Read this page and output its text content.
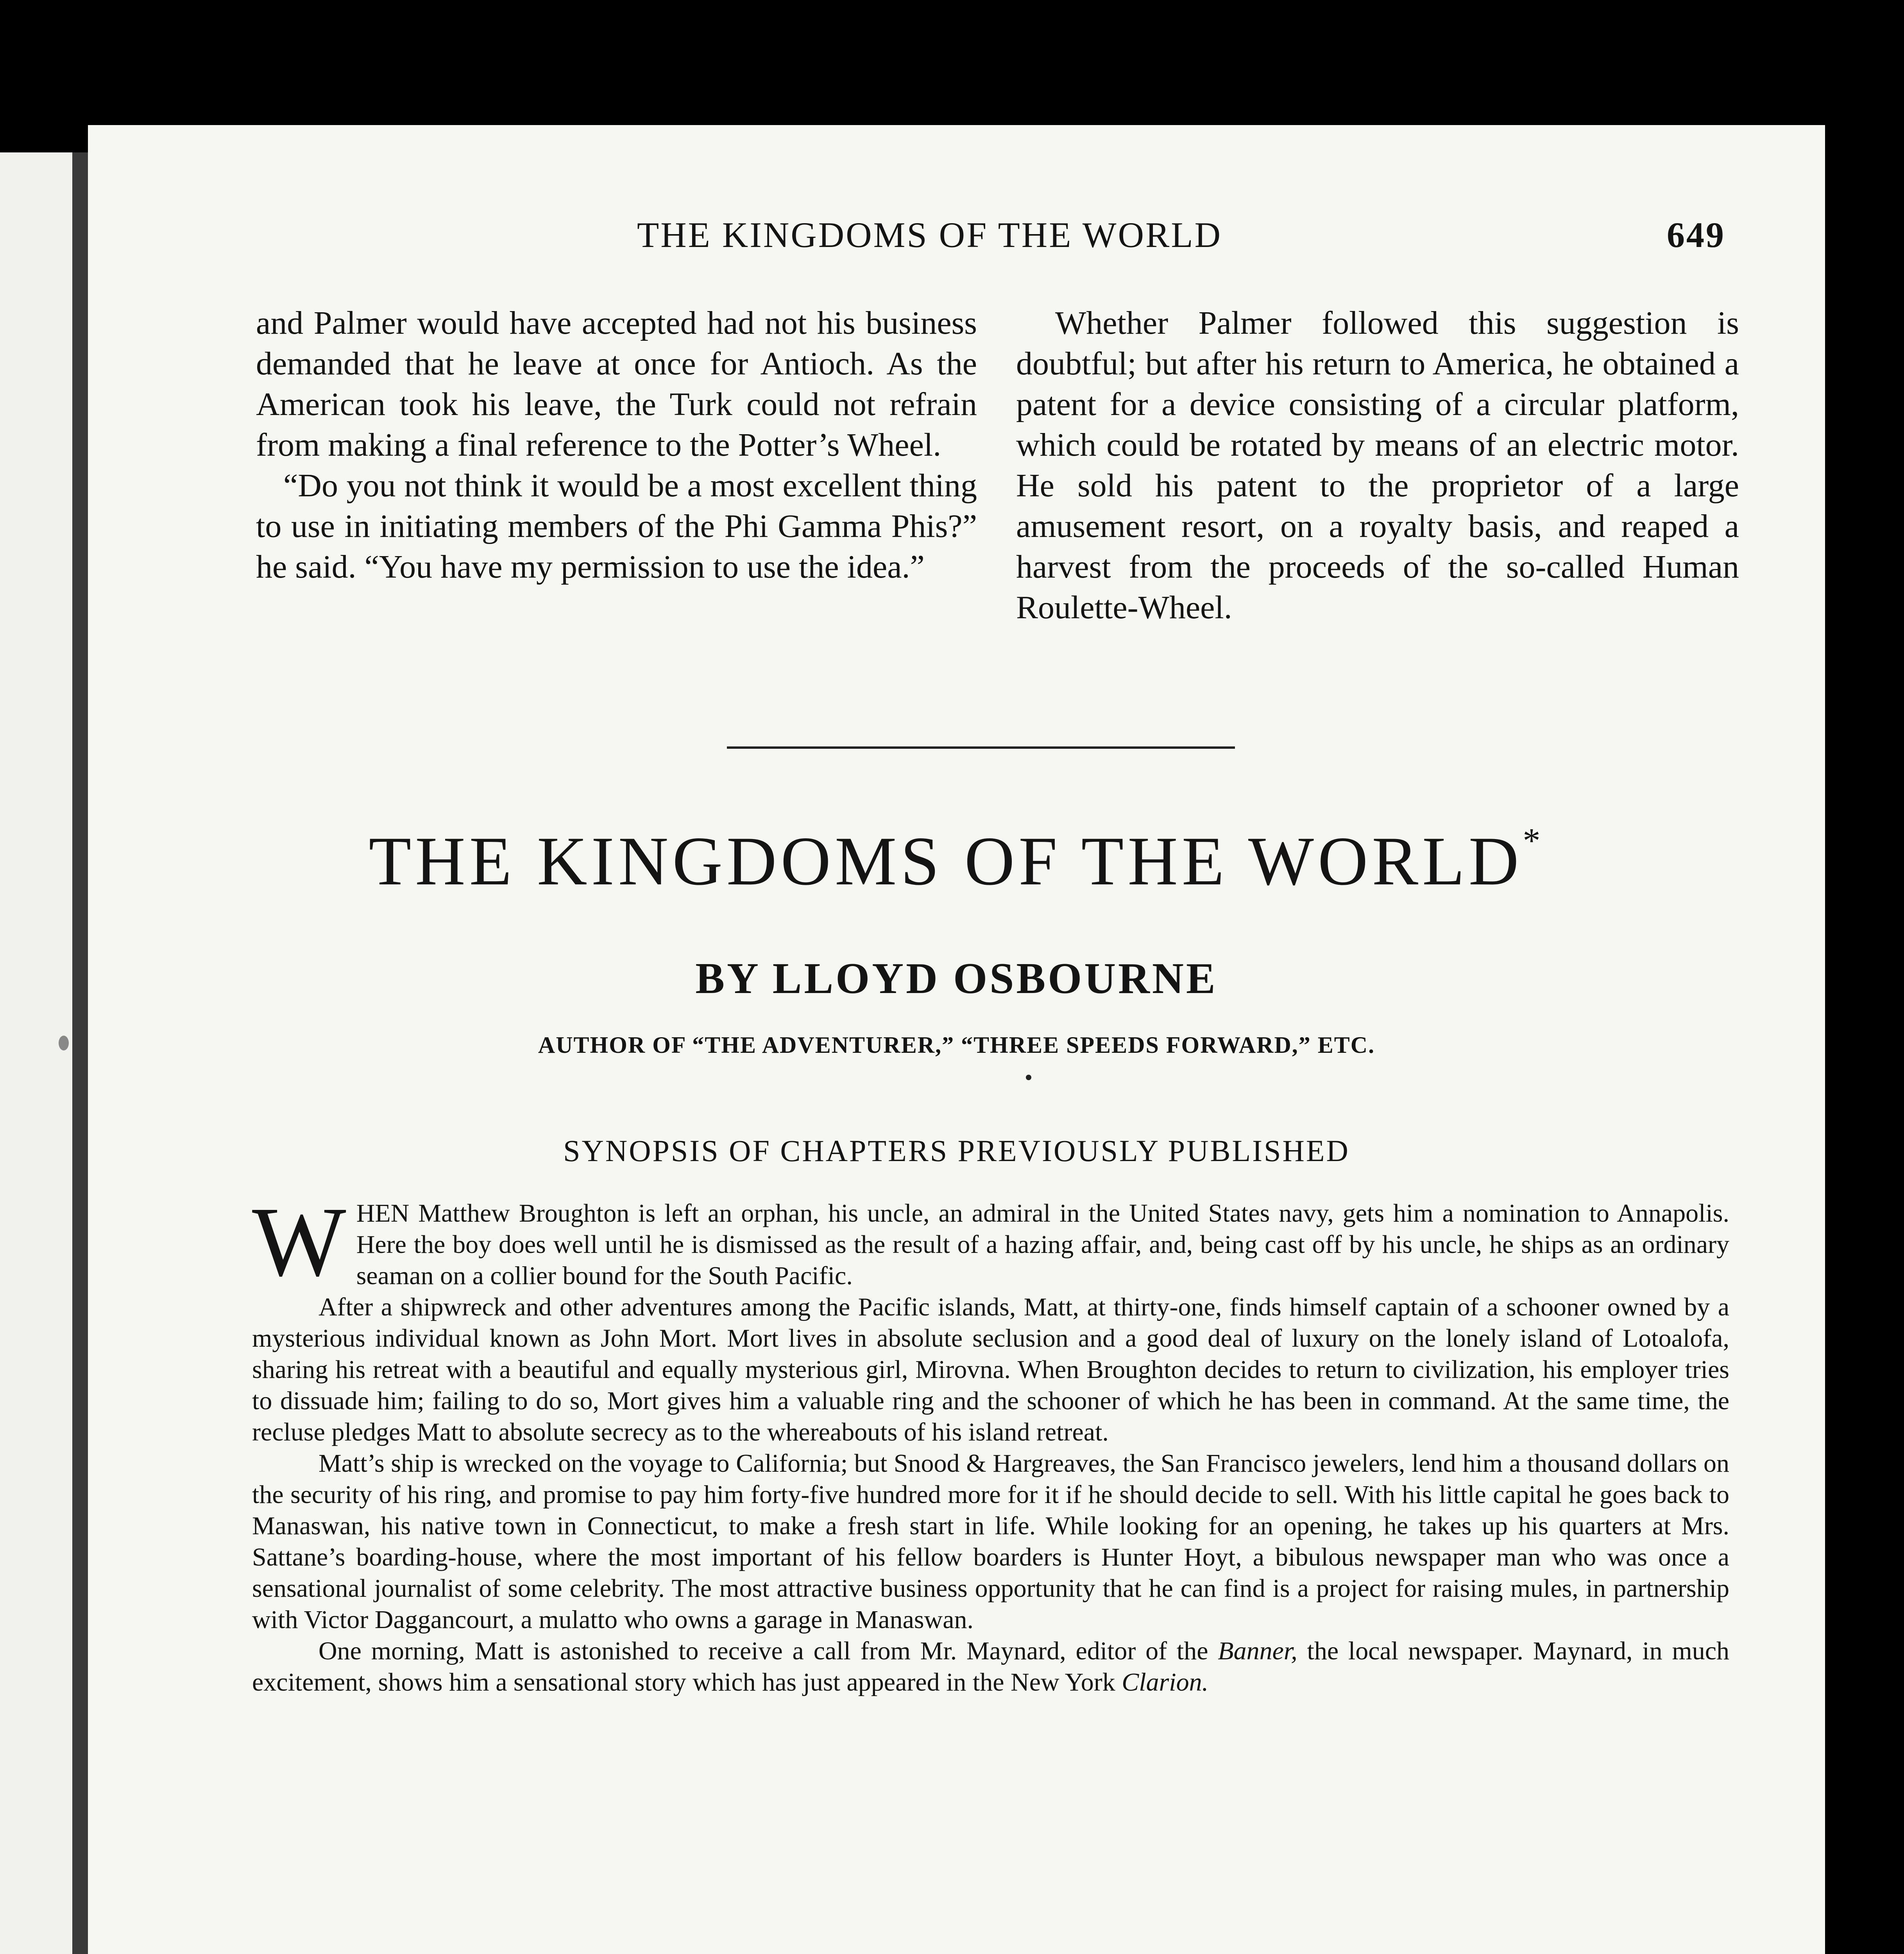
THE KINGDOMS OF THE WORLD	649

and Palmer would have accepted had not his business demanded that he leave at once for Antioch. As the American took his leave, the Turk could not refrain from making a final reference to the Potter’s Wheel.

“Do you not think it would be a most excellent thing to use in initiating members of the Phi Gamma Phis?” he said. “You have my permission to use the idea.”

Whether Palmer followed this suggestion is doubtful; but after his return to America, he obtained a patent for a device consisting of a circular platform, which could be rotated by means of an electric motor. He sold his patent to the proprietor of a large amusement resort, on a royalty basis, and reaped a harvest from the proceeds of the so-called Human Roulette-Wheel.

THE KINGDOMS OF THE WORLD*
BY LLOYD OSBOURNE
AUTHOR OF “THE ADVENTURER,” “THREE SPEEDS FORWARD,” ETC.
SYNOPSIS OF CHAPTERS PREVIOUSLY PUBLISHED

WHEN Matthew Broughton is left an orphan, his uncle, an admiral in the United States navy, gets him a nomination to Annapolis. Here the boy does well until he is dismissed as the result of a hazing affair, and, being cast off by his uncle, he ships as an ordinary seaman on a collier bound for the South Pacific.

After a shipwreck and other adventures among the Pacific islands, Matt, at thirty-one, finds himself captain of a schooner owned by a mysterious individual known as John Mort. Mort lives in absolute seclusion and a good deal of luxury on the lonely island of Lotoalofa, sharing his retreat with a beautiful and equally mysterious girl, Mirovna. When Broughton decides to return to civilization, his employer tries to dissuade him; failing to do so, Mort gives him a valuable ring and the schooner of which he has been in command. At the same time, the recluse pledges Matt to absolute secrecy as to the whereabouts of his island retreat.

Matt’s ship is wrecked on the voyage to California; but Snood & Hargreaves, the San Francisco jewelers, lend him a thousand dollars on the security of his ring, and promise to pay him forty-five hundred more for it if he should decide to sell. With his little capital he goes back to Manaswan, his native town in Connecticut, to make a fresh start in life. While looking for an opening, he takes up his quarters at Mrs. Sattane’s boarding-house, where the most important of his fellow boarders is Hunter Hoyt, a bibulous newspaper man who was once a sensational journalist of some celebrity. The most attractive business opportunity that he can find is a project for raising mules, in partnership with Victor Daggancourt, a mulatto who owns a garage in Manaswan.

One morning, Matt is astonished to receive a call from Mr. Maynard, editor of the Banner, the local newspaper. Maynard, in much excitement, shows him a sensational story which has just appeared in the New York Clarion.
